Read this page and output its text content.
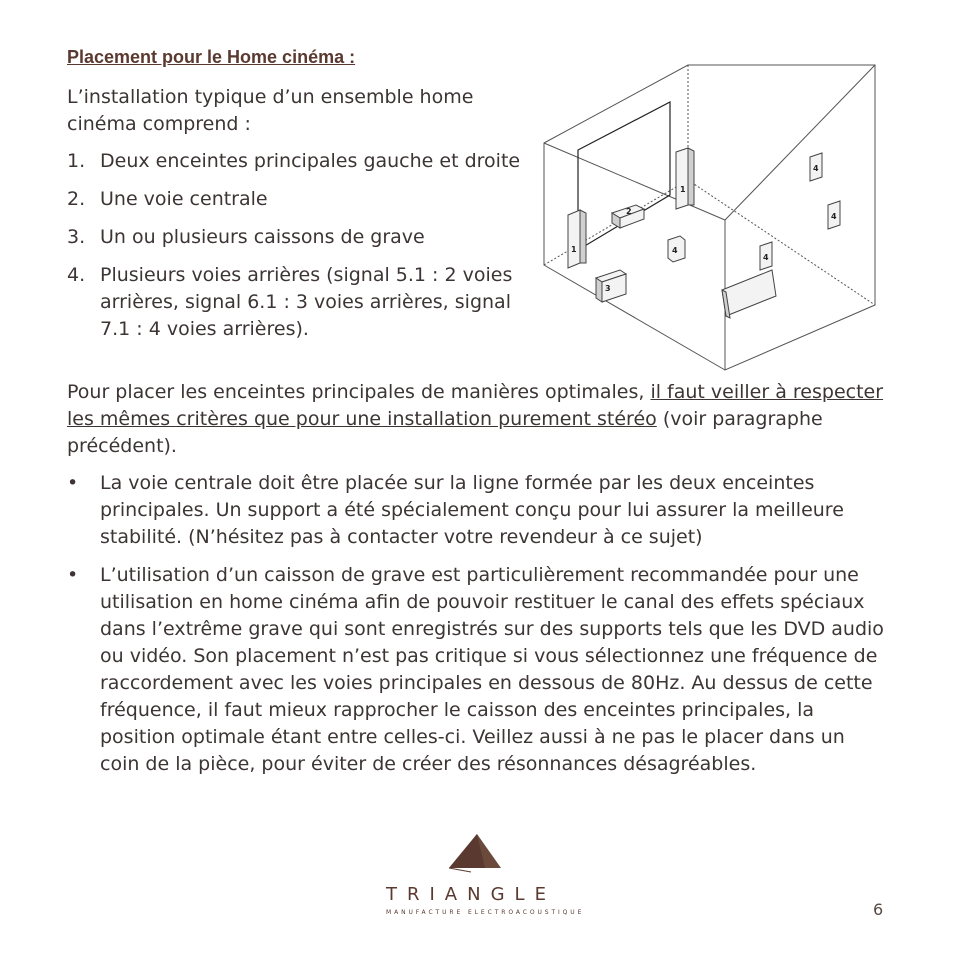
Placement pour le Home cinéma :
L’installation typique d’un ensemble home cinéma comprend :
1. Deux enceintes principales gauche et droite
2. Une voie centrale
3. Un ou plusieurs caissons de grave
4. Plusieurs voies arrières (signal 5.1 : 2 voies arrières, signal 6.1 : 3 voies arrières, signal 7.1 : 4 voies arrières).
1
1
2
3
4
4
4
4
Pour placer les enceintes principales de manières optimales, il faut veiller à respecter les mêmes critères que pour une installation purement stéréo (voir paragraphe précédent).
• La voie centrale doit être placée sur la ligne formée par les deux enceintes principales. Un support a été spécialement conçu pour lui assurer la meilleure stabilité. (N’hésitez pas à contacter votre revendeur à ce sujet)
• L’utilisation d’un caisson de grave est particulièrement recommandée pour une utilisation en home cinéma afin de pouvoir restituer le canal des effets spéciaux dans l’extrême grave qui sont enregistrés sur des supports tels que les DVD audio ou vidéo. Son placement n’est pas critique si vous sélectionnez une fréquence de raccordement avec les voies principales en dessous de 80Hz. Au dessus de cette fréquence, il faut mieux rapprocher le caisson des enceintes principales, la position optimale étant entre celles-ci. Veillez aussi à ne pas le placer dans un coin de la pièce, pour éviter de créer des résonnances désagréables.
TRIANGLE
MANUFACTURE ELECTROACOUSTIQUE	6
